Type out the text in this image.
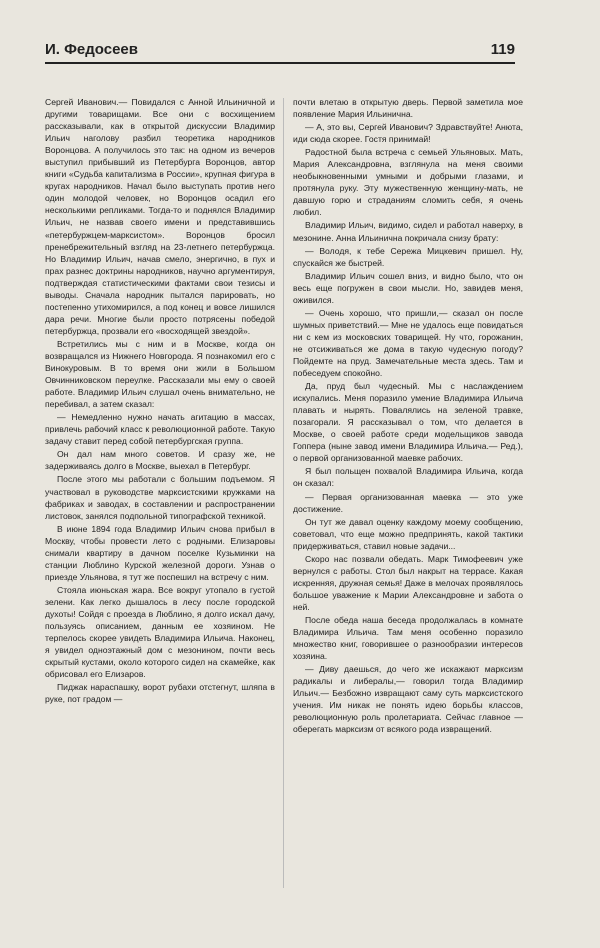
И. Федосеев	119

Сергей Иванович.— Повидался с Анной Ильиничной и другими товарищами. Все они с восхищением рассказывали, как в открытой дискуссии Владимир Ильич наголову разбил теоретика народников Воронцова. А получилось это так: на одном из вечеров выступил прибывший из Петербурга Воронцов, автор книги «Судьба капитализма в России», крупная фигура в кругах народников. Начал было выступать против него один молодой человек, но Воронцов осадил его несколькими репликами. Тогда-то и поднялся Владимир Ильич, не назвав своего имени и представившись «петербуржцем-марксистом». Воронцов бросил пренебрежительный взгляд на 23-летнего петербуржца. Но Владимир Ильич, начав смело, энергично, в пух и прах разнес доктрины народников, научно аргументируя, подтверждая статистическими фактами свои тезисы и выводы. Сначала народник пытался парировать, но постепенно утихомирился, а под конец и вовсе лишился дара речи. Многие были просто потрясены победой петербуржца, прозвали его «восходящей звездой».

Встретились мы с ним и в Москве, когда он возвращался из Нижнего Новгорода. Я познакомил его с Винокуровым. В то время они жили в Большом Овчинниковском переулке. Рассказали мы ему о своей работе. Владимир Ильич слушал очень внимательно, не перебивал, а затем сказал:

— Немедленно нужно начать агитацию в массах, привлечь рабочий класс к революционной работе. Такую задачу ставит перед собой петербургская группа.

Он дал нам много советов. И сразу же, не задерживаясь долго в Москве, выехал в Петербург.

После этого мы работали с большим подъемом. Я участвовал в руководстве марксистскими кружками на фабриках и заводах, в составлении и распространении листовок, занялся подпольной типографской техникой.

В июне 1894 года Владимир Ильич снова прибыл в Москву, чтобы провести лето с родными. Елизаровы снимали квартиру в дачном поселке Кузьминки на станции Люблино Курской железной дороги. Узнав о приезде Ульянова, я тут же поспешил на встречу с ним.

Стояла июньская жара. Все вокруг утопало в густой зелени. Как легко дышалось в лесу после городской духоты! Сойдя с проезда в Люблино, я долго искал дачу, пользуясь описанием, данным ее хозяином. Не терпелось скорее увидеть Владимира Ильича. Наконец, я увидел одноэтажный дом с мезонином, почти весь скрытый кустами, около которого сидел на скамейке, как обрисовал его Елизаров.

Пиджак нараспашку, ворот рубахи отстегнут, шляпа в руке, пот градом —

почти влетаю в открытую дверь. Первой заметила мое появление Мария Ильинична.

— А, это вы, Сергей Иванович? Здравствуйте! Анюта, иди сюда скорее. Гостя принимай!

Радостной была встреча с семьей Ульяновых. Мать, Мария Александровна, взглянула на меня своими необыкновенными умными и добрыми глазами, и протянула руку. Эту мужественную женщину-мать, не давшую горю и страданиям сломить себя, я очень любил.

Владимир Ильич, видимо, сидел и работал наверху, в мезонине. Анна Ильинична покричала снизу брату:

— Володя, к тебе Сережа Мицкевич пришел. Ну, спускайся же быстрей.

Владимир Ильич сошел вниз, и видно было, что он весь еще погружен в свои мысли. Но, завидев меня, оживился.

— Очень хорошо, что пришли,— сказал он после шумных приветствий.— Мне не удалось еще повидаться ни с кем из московских товарищей. Ну что, горожанин, не отсиживаться же дома в такую чудесную погоду? Пойдемте на пруд. Замечательные места здесь. Там и побеседуем спокойно.

Да, пруд был чудесный. Мы с наслаждением искупались. Меня поразило умение Владимира Ильича плавать и нырять. Повалялись на зеленой травке, позагорали. Я рассказывал о том, что делается в Москве, о своей работе среди модельщиков завода Гоппера (ныне завод имени Владимира Ильича.— Ред.), о первой организованной маевке рабочих.

Я был польщен похвалой Владимира Ильича, когда он сказал:

— Первая организованная маевка — это уже достижение.

Он тут же давал оценку каждому моему сообщению, советовал, что еще можно предпринять, какой тактики придерживаться, ставил новые задачи...

Скоро нас позвали обедать. Марк Тимофеевич уже вернулся с работы. Стол был накрыт на террасе. Какая искренняя, дружная семья! Даже в мелочах проявлялось большое уважение к Марии Александровне и забота о ней.

После обеда наша беседа продолжалась в комнате Владимира Ильича. Там меня особенно поразило множество книг, говорившее о разнообразии интересов хозяина.

— Диву даешься, до чего же искажают марксизм радикалы и либералы,— говорил тогда Владимир Ильич.— Безбожно извращают саму суть марксистского учения. Им никак не понять идею борьбы классов, революционную роль пролетариата. Сейчас главное — оберегать марксизм от всякого рода извращений.
